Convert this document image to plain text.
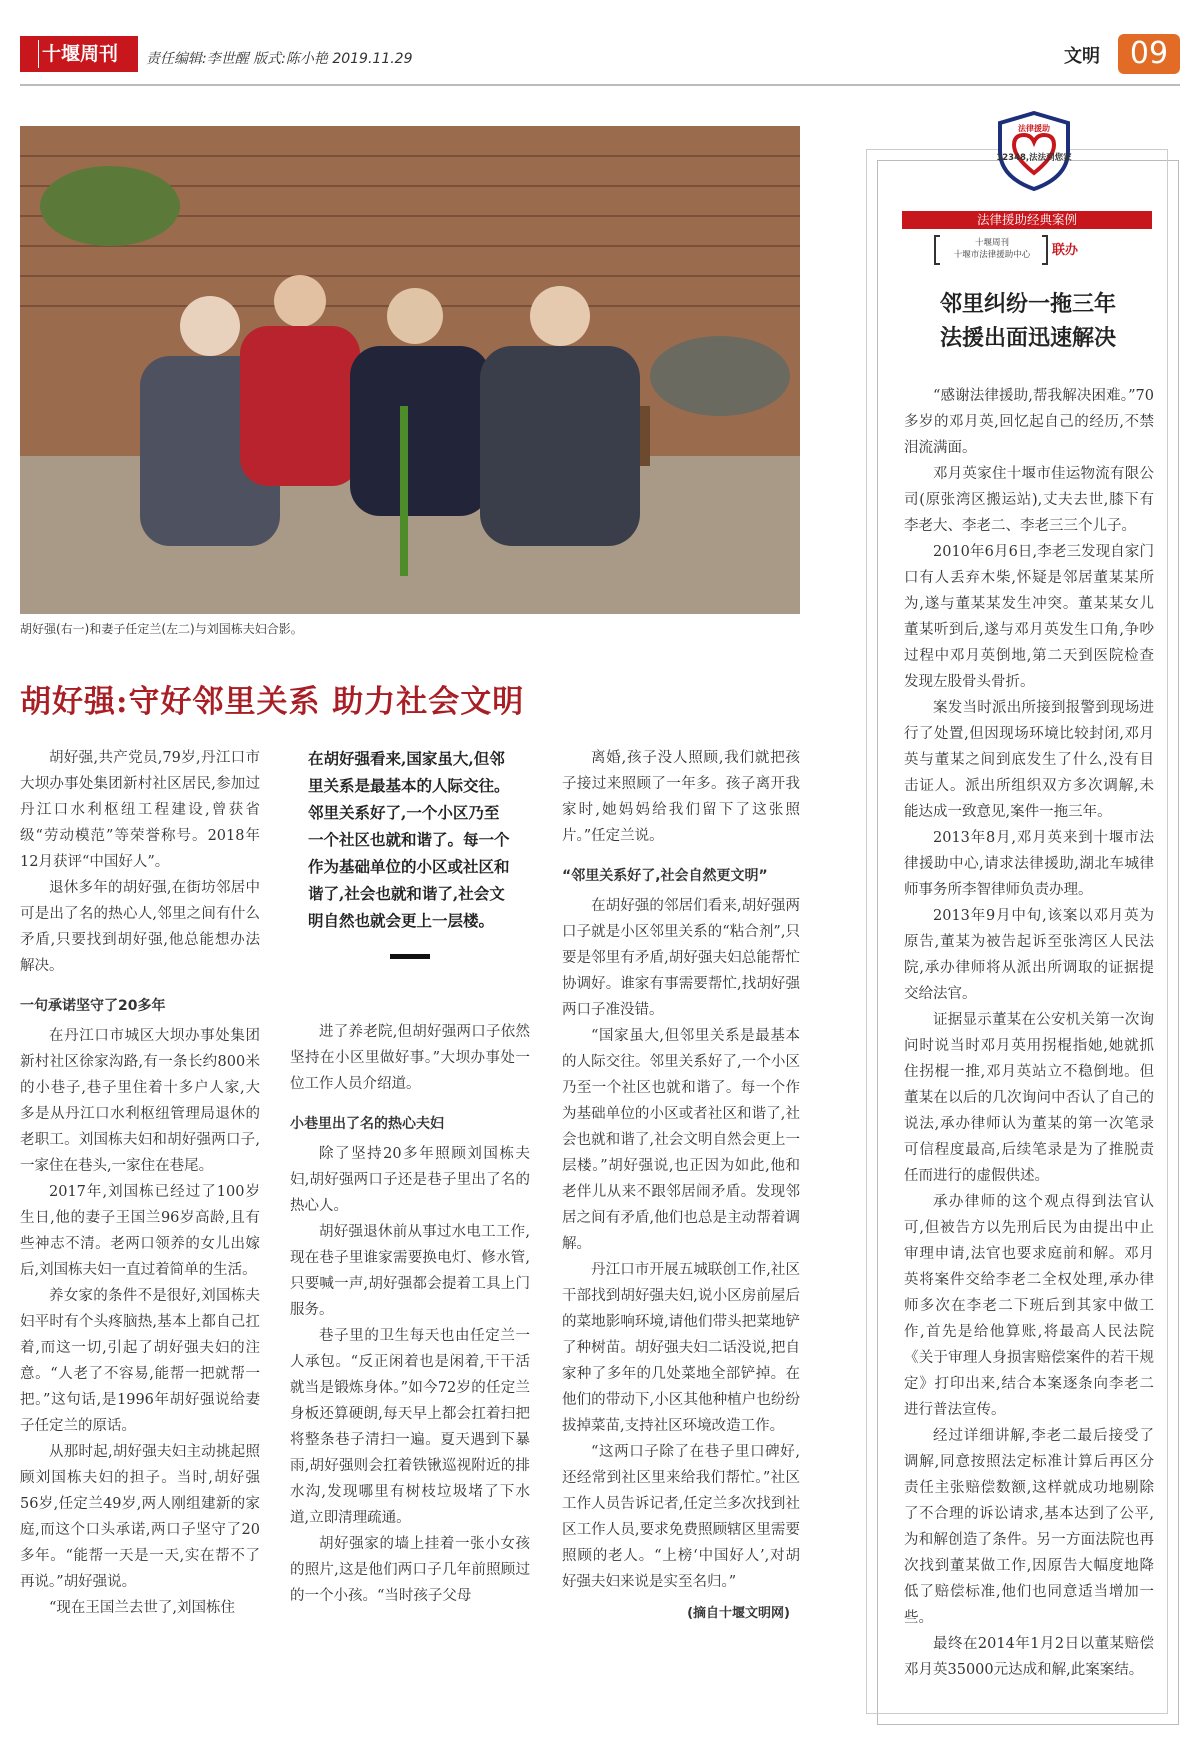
十堰周刊	责任编辑:李世醒 版式:陈小艳 2019.11.29	文明 09
胡好强(右一)和妻子任定兰(左二)与刘国栋夫妇合影。
胡好强:守好邻里关系 助力社会文明

胡好强,共产党员,79岁,丹江口市大坝办事处集团新村社区居民,参加过丹江口水利枢纽工程建设,曾获省级“劳动模范”等荣誉称号。2018年12月获评“中国好人”。

退休多年的胡好强,在街坊邻居中可是出了名的热心人,邻里之间有什么矛盾,只要找到胡好强,他总能想办法解决。

一句承诺坚守了20多年

在丹江口市城区大坝办事处集团新村社区徐家沟路,有一条长约800米的小巷子,巷子里住着十多户人家,大多是从丹江口水利枢纽管理局退休的老职工。刘国栋夫妇和胡好强两口子,一家住在巷头,一家住在巷尾。

2017年,刘国栋已经过了100岁生日,他的妻子王国兰96岁高龄,且有些神志不清。老两口领养的女儿出嫁后,刘国栋夫妇一直过着简单的生活。

养女家的条件不是很好,刘国栋夫妇平时有个头疼脑热,基本上都自己扛着,而这一切,引起了胡好强夫妇的注意。“人老了不容易,能帮一把就帮一把。”这句话,是1996年胡好强说给妻子任定兰的原话。

从那时起,胡好强夫妇主动挑起照顾刘国栋夫妇的担子。当时,胡好强56岁,任定兰49岁,两人刚组建新的家庭,而这个口头承诺,两口子坚守了20多年。“能帮一天是一天,实在帮不了再说。”胡好强说。

“现在王国兰去世了,刘国栋住

在胡好强看来,国家虽大,但邻里关系是最基本的人际交往。邻里关系好了,一个小区乃至一个社区也就和谐了。每一个作为基础单位的小区或社区和谐了,社会也就和谐了,社会文明自然也就会更上一层楼。

进了养老院,但胡好强两口子依然坚持在小区里做好事。”大坝办事处一位工作人员介绍道。

小巷里出了名的热心夫妇

除了坚持20多年照顾刘国栋夫妇,胡好强两口子还是巷子里出了名的热心人。

胡好强退休前从事过水电工工作,现在巷子里谁家需要换电灯、修水管,只要喊一声,胡好强都会提着工具上门服务。

巷子里的卫生每天也由任定兰一人承包。“反正闲着也是闲着,干干活就当是锻炼身体。”如今72岁的任定兰身板还算硬朗,每天早上都会扛着扫把将整条巷子清扫一遍。夏天遇到下暴雨,胡好强则会扛着铁锹巡视附近的排水沟,发现哪里有树枝垃圾堵了下水道,立即清理疏通。

胡好强家的墙上挂着一张小女孩的照片,这是他们两口子几年前照顾过的一个小孩。“当时孩子父母

离婚,孩子没人照顾,我们就把孩子接过来照顾了一年多。孩子离开我家时,她妈妈给我们留下了这张照片。”任定兰说。

“邻里关系好了,社会自然更文明”

在胡好强的邻居们看来,胡好强两口子就是小区邻里关系的“粘合剂”,只要是邻里有矛盾,胡好强夫妇总能帮忙协调好。谁家有事需要帮忙,找胡好强两口子准没错。

“国家虽大,但邻里关系是最基本的人际交往。邻里关系好了,一个小区乃至一个社区也就和谐了。每一个作为基础单位的小区或者社区和谐了,社会也就和谐了,社会文明自然会更上一层楼。”胡好强说,也正因为如此,他和老伴儿从来不跟邻居闹矛盾。发现邻居之间有矛盾,他们也总是主动帮着调解。

丹江口市开展五城联创工作,社区干部找到胡好强夫妇,说小区房前屋后的菜地影响环境,请他们带头把菜地铲了种树苗。胡好强夫妇二话没说,把自家种了多年的几处菜地全部铲掉。在他们的带动下,小区其他种植户也纷纷拔掉菜苗,支持社区环境改造工作。

“这两口子除了在巷子里口碑好,还经常到社区里来给我们帮忙。”社区工作人员告诉记者,任定兰多次找到社区工作人员,要求免费照顾辖区里需要照顾的老人。“上榜‘中国好人’,对胡好强夫妇来说是实至名归。”

(摘自十堰文明网)
法律援助
12348,法法到您家
法律援助经典案例
十堰周刊
十堰市法律援助中心	联办
邻里纠纷一拖三年
法援出面迅速解决

“感谢法律援助,帮我解决困难。”70多岁的邓月英,回忆起自己的经历,不禁泪流满面。

邓月英家住十堰市佳运物流有限公司(原张湾区搬运站),丈夫去世,膝下有李老大、李老二、李老三三个儿子。

2010年6月6日,李老三发现自家门口有人丢弃木柴,怀疑是邻居董某某所为,遂与董某某发生冲突。董某某女儿董某听到后,遂与邓月英发生口角,争吵过程中邓月英倒地,第二天到医院检查发现左股骨头骨折。

案发当时派出所接到报警到现场进行了处置,但因现场环境比较封闭,邓月英与董某之间到底发生了什么,没有目击证人。派出所组织双方多次调解,未能达成一致意见,案件一拖三年。

2013年8月,邓月英来到十堰市法律援助中心,请求法律援助,湖北车城律师事务所李智律师负责办理。

2013年9月中旬,该案以邓月英为原告,董某为被告起诉至张湾区人民法院,承办律师将从派出所调取的证据提交给法官。

证据显示董某在公安机关第一次询问时说当时邓月英用拐棍指她,她就抓住拐棍一推,邓月英站立不稳倒地。但董某在以后的几次询问中否认了自己的说法,承办律师认为董某的第一次笔录可信程度最高,后续笔录是为了推脱责任而进行的虚假供述。

承办律师的这个观点得到法官认可,但被告方以先刑后民为由提出中止审理申请,法官也要求庭前和解。邓月英将案件交给李老二全权处理,承办律师多次在李老二下班后到其家中做工作,首先是给他算账,将最高人民法院《关于审理人身损害赔偿案件的若干规定》打印出来,结合本案逐条向李老二进行普法宣传。

经过详细讲解,李老二最后接受了调解,同意按照法定标准计算后再区分责任主张赔偿数额,这样就成功地剔除了不合理的诉讼请求,基本达到了公平,为和解创造了条件。另一方面法院也再次找到董某做工作,因原告大幅度地降低了赔偿标准,他们也同意适当增加一些。

最终在2014年1月2日以董某赔偿邓月英35000元达成和解,此案案结。
